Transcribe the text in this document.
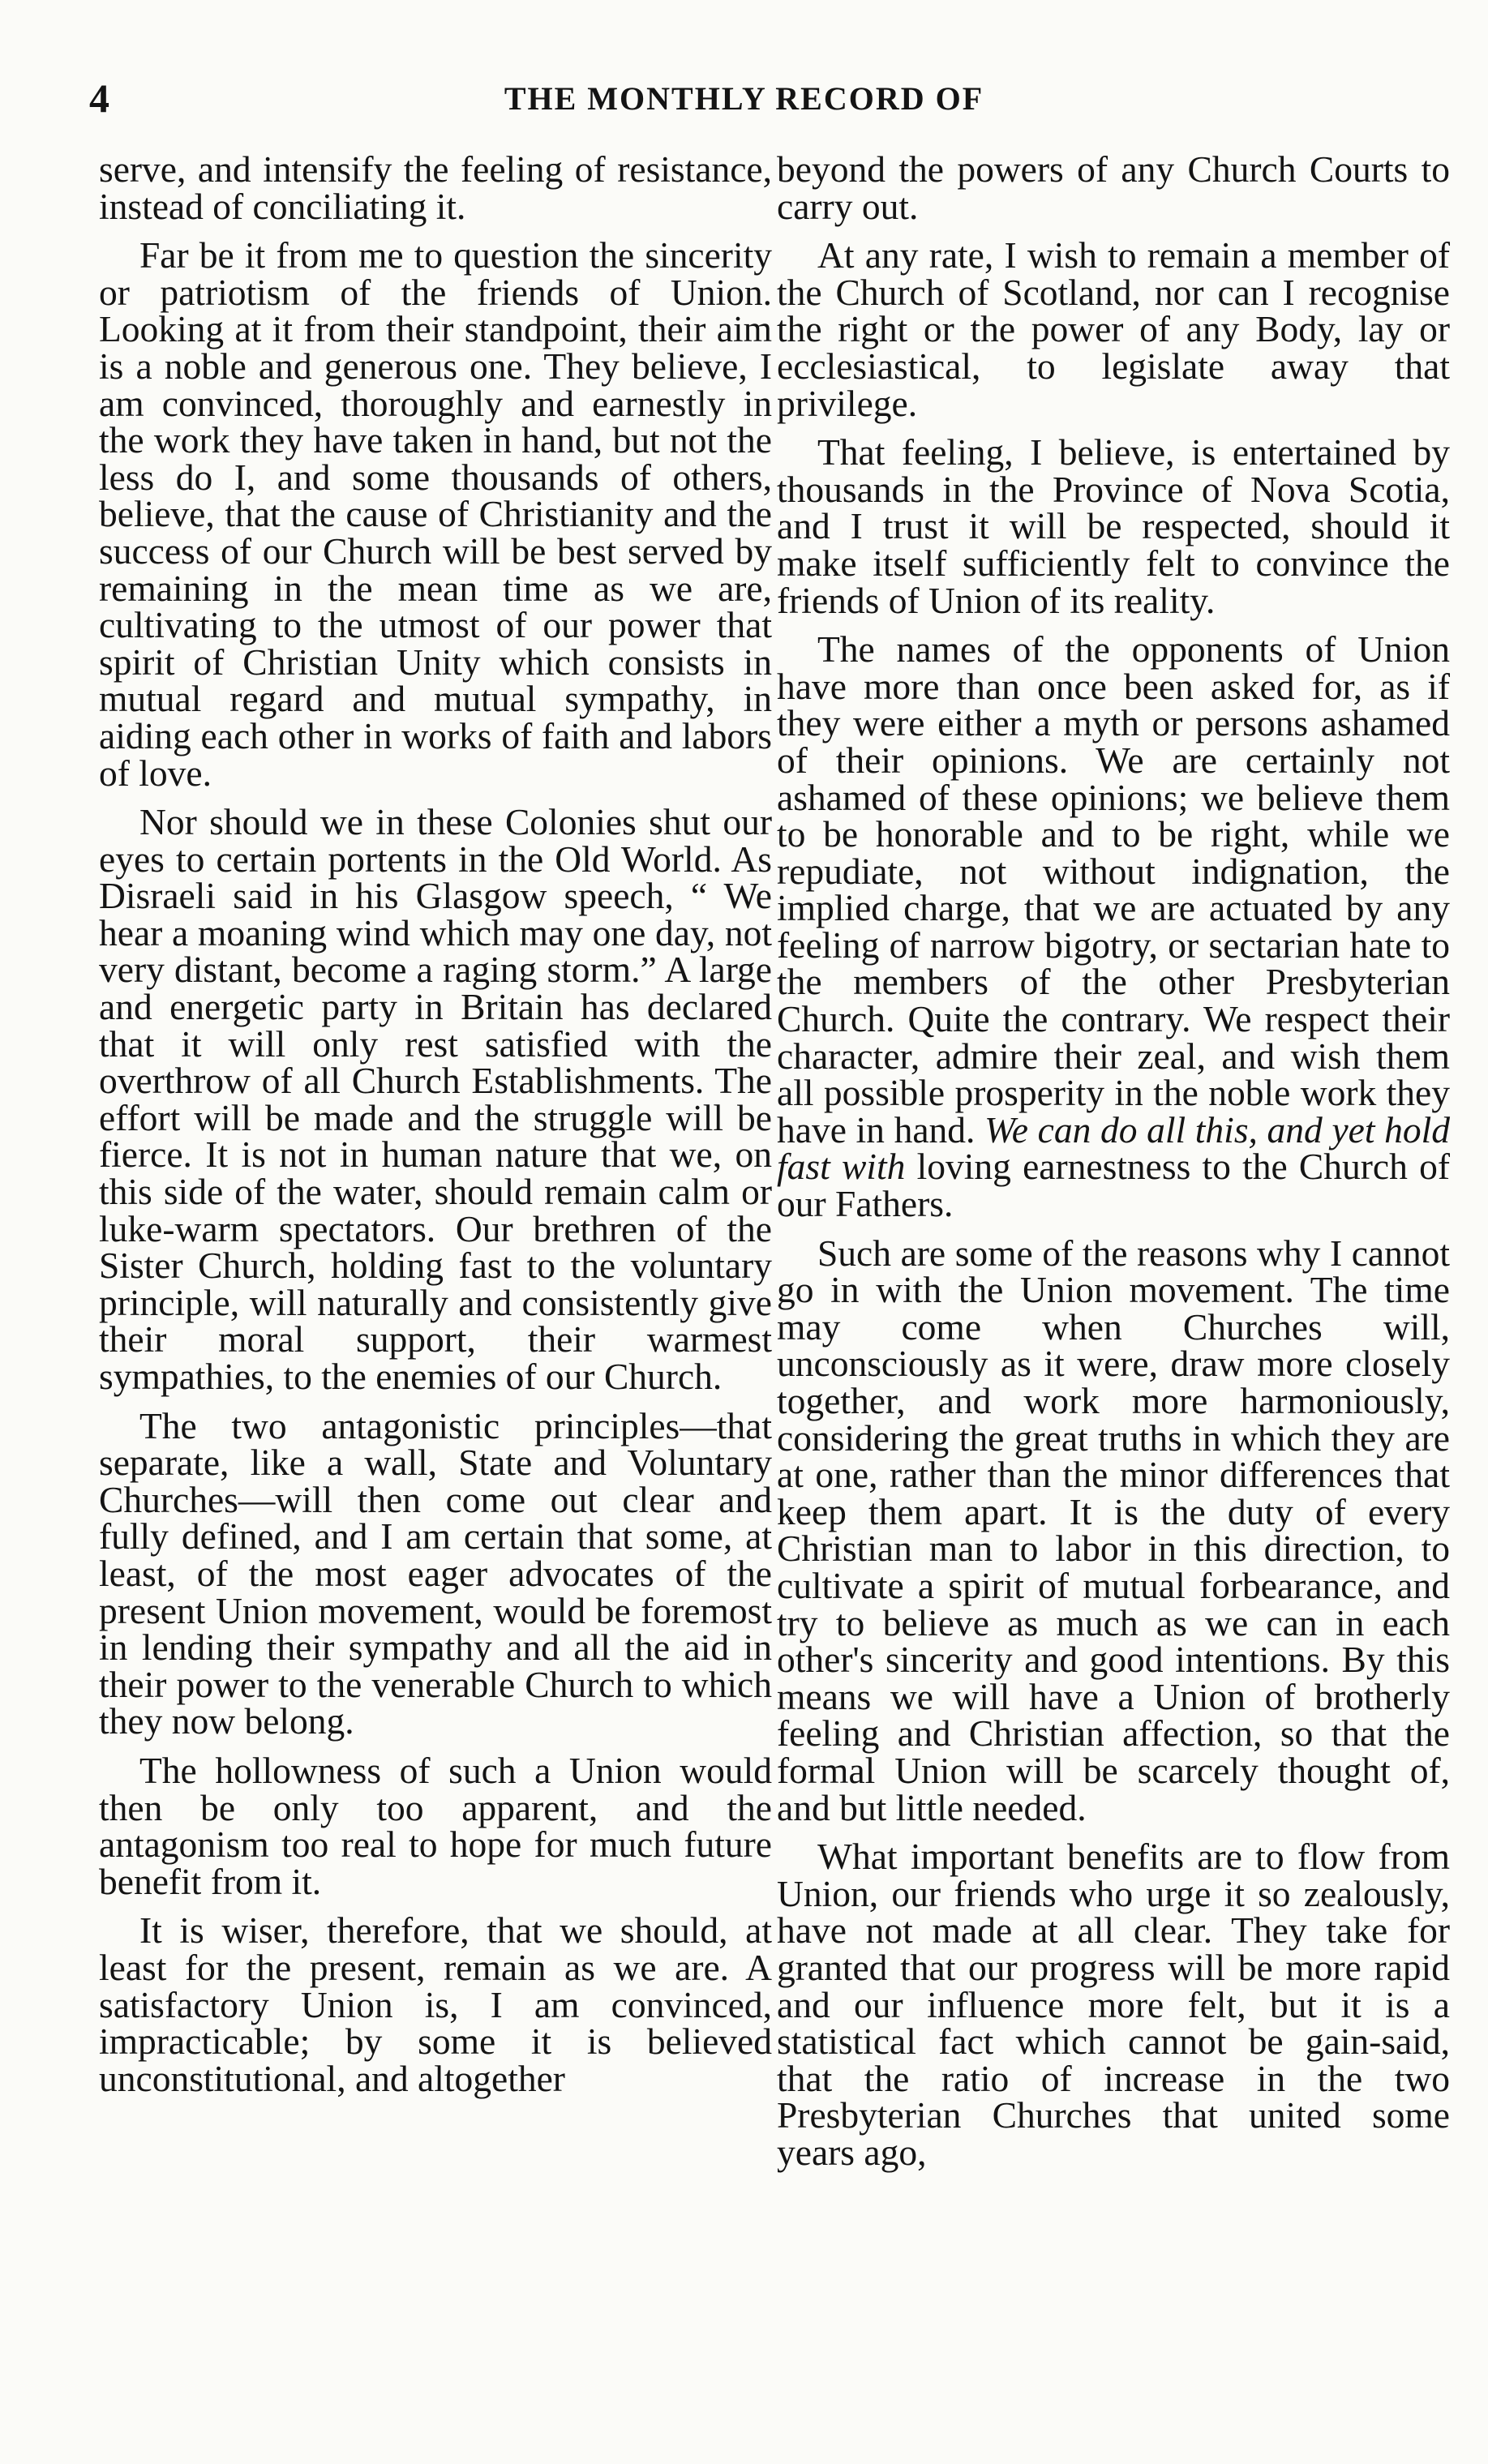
4	THE MONTHLY RECORD OF

serve, and intensify the feeling of resistance, instead of conciliating it.

Far be it from me to question the sincerity or patriotism of the friends of Union. Looking at it from their standpoint, their aim is a noble and generous one. They believe, I am convinced, thoroughly and earnestly in the work they have taken in hand, but not the less do I, and some thousands of others, believe, that the cause of Christianity and the success of our Church will be best served by remaining in the mean time as we are, cultivating to the utmost of our power that spirit of Christian Unity which consists in mutual regard and mutual sympathy, in aiding each other in works of faith and labors of love.

Nor should we in these Colonies shut our eyes to certain portents in the Old World. As Disraeli said in his Glasgow speech, “ We hear a moaning wind which may one day, not very distant, become a raging storm.” A large and energetic party in Britain has declared that it will only rest satisfied with the overthrow of all Church Establishments. The effort will be made and the struggle will be fierce. It is not in human nature that we, on this side of the water, should remain calm or luke-warm spectators. Our brethren of the Sister Church, holding fast to the voluntary principle, will naturally and consistently give their moral support, their warmest sympathies, to the enemies of our Church.

The two antagonistic principles—that separate, like a wall, State and Voluntary Churches—will then come out clear and fully defined, and I am certain that some, at least, of the most eager advocates of the present Union movement, would be foremost in lending their sympathy and all the aid in their power to the venerable Church to which they now belong.

The hollowness of such a Union would then be only too apparent, and the antagonism too real to hope for much future benefit from it.

It is wiser, therefore, that we should, at least for the present, remain as we are. A satisfactory Union is, I am convinced, impracticable; by some it is believed unconstitutional, and altogether

beyond the powers of any Church Courts to carry out.

At any rate, I wish to remain a member of the Church of Scotland, nor can I recognise the right or the power of any Body, lay or ecclesiastical, to legislate away that privilege.

That feeling, I believe, is entertained by thousands in the Province of Nova Scotia, and I trust it will be respected, should it make itself sufficiently felt to convince the friends of Union of its reality.

The names of the opponents of Union have more than once been asked for, as if they were either a myth or persons ashamed of their opinions. We are certainly not ashamed of these opinions; we believe them to be honorable and to be right, while we repudiate, not without indignation, the implied charge, that we are actuated by any feeling of narrow bigotry, or sectarian hate to the members of the other Presbyterian Church. Quite the contrary. We respect their character, admire their zeal, and wish them all possible prosperity in the noble work they have in hand. We can do all this, and yet hold fast with loving earnestness to the Church of our Fathers.

Such are some of the reasons why I cannot go in with the Union movement. The time may come when Churches will, unconsciously as it were, draw more closely together, and work more harmoniously, considering the great truths in which they are at one, rather than the minor differences that keep them apart. It is the duty of every Christian man to labor in this direction, to cultivate a spirit of mutual forbearance, and try to believe as much as we can in each other's sincerity and good intentions. By this means we will have a Union of brotherly feeling and Christian affection, so that the formal Union will be scarcely thought of, and but little needed.

What important benefits are to flow from Union, our friends who urge it so zealously, have not made at all clear. They take for granted that our progress will be more rapid and our influence more felt, but it is a statistical fact which cannot be gain-said, that the ratio of increase in the two Presbyterian Churches that united some years ago,
